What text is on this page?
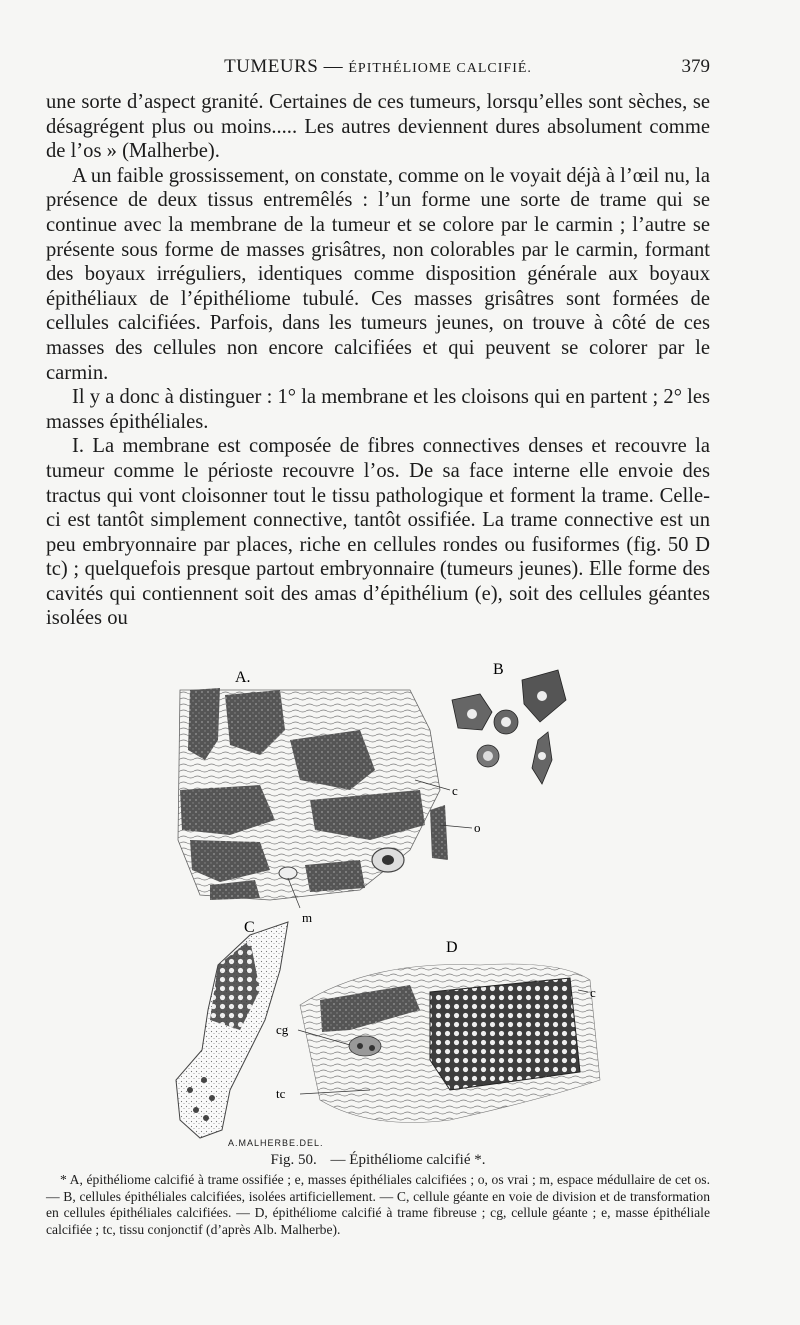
TUMEURS — ÉPITHÉLIOME CALCIFIÉ.	379

une sorte d’aspect granité. Certaines de ces tumeurs, lorsqu’elles sont sèches, se désagrégent plus ou moins..... Les autres deviennent dures absolument comme de l’os » (Malherbe).

A un faible grossissement, on constate, comme on le voyait déjà à l’œil nu, la présence de deux tissus entremêlés : l’un forme une sorte de trame qui se continue avec la membrane de la tumeur et se colore par le carmin ; l’autre se présente sous forme de masses grisâtres, non colorables par le carmin, formant des boyaux irréguliers, identiques comme disposition générale aux boyaux épithéliaux de l’épithéliome tubulé. Ces masses grisâtres sont formées de cellules calcifiées. Parfois, dans les tumeurs jeunes, on trouve à côté de ces masses des cellules non encore calcifiées et qui peuvent se colorer par le carmin.

Il y a donc à distinguer : 1° la membrane et les cloisons qui en partent ; 2° les masses épithéliales.

I. La membrane est composée de fibres connectives denses et recouvre la tumeur comme le périoste recouvre l’os. De sa face interne elle envoie des tractus qui vont cloisonner tout le tissu pathologique et forment la trame. Celle-ci est tantôt simplement connective, tantôt ossifiée. La trame connective est un peu embryonnaire par places, riche en cellules rondes ou fusiformes (fig. 50 D tc) ; quelquefois presque partout embryonnaire (tumeurs jeunes). Elle forme des cavités qui contiennent soit des amas d’épithélium (e), soit des cellules géantes isolées ou

A.
c
o
m
B
C
D
c
cg
tc
A.MALHERBE.DEL.
Fig. 50. — Épithéliome calcifié *.

* A, épithéliome calcifié à trame ossifiée ; e, masses épithéliales calcifiées ; o, os vrai ; m, espace médullaire de cet os. — B, cellules épithéliales calcifiées, isolées artificiellement. — C, cellule géante en voie de division et de transformation en cellules épithéliales calcifiées. — D, épithéliome calcifié à trame fibreuse ; cg, cellule géante ; e, masse épithéliale calcifiée ; tc, tissu conjonctif (d’après Alb. Malherbe).
